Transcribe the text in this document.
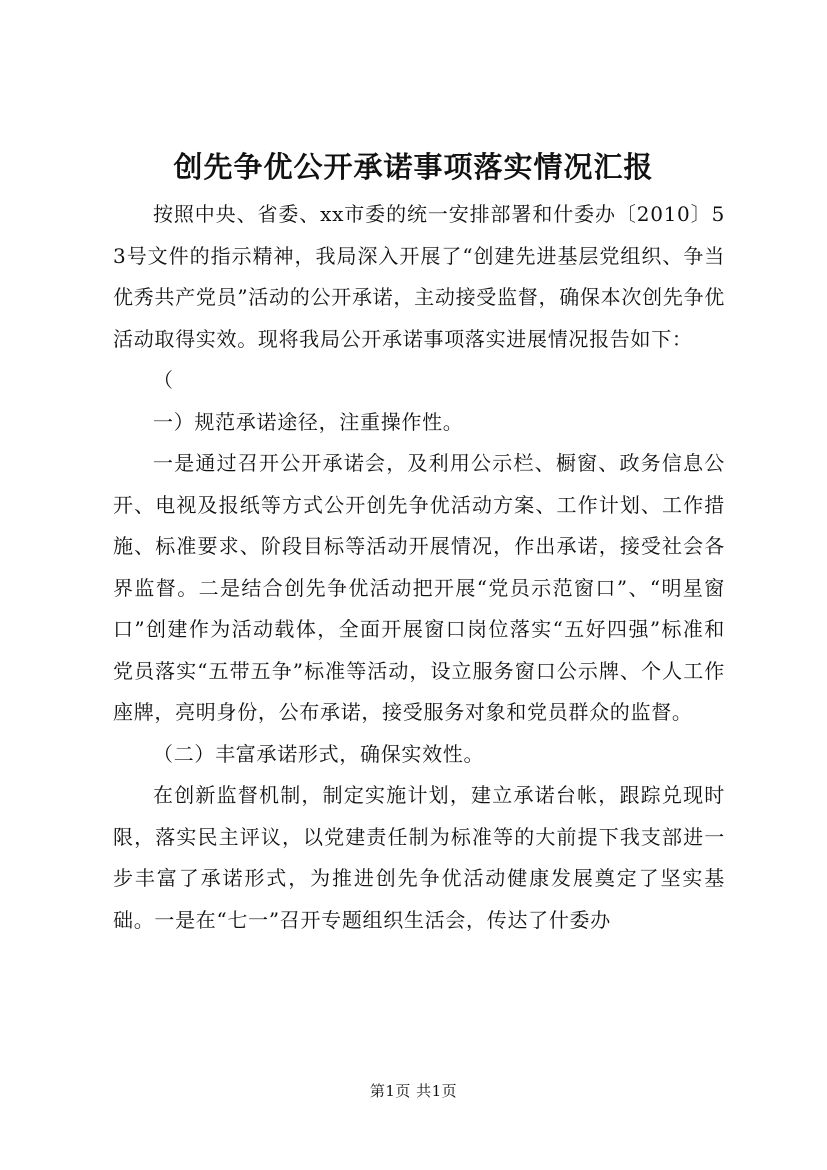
创先争优公开承诺事项落实情况汇报

按照中央、省委、xx市委的统一安排部署和什委办〔2010〕53号文件的指示精神，我局深入开展了“创建先进基层党组织、争当优秀共产党员”活动的公开承诺，主动接受监督，确保本次创先争优活动取得实效。现将我局公开承诺事项落实进展情况报告如下：

（

一）规范承诺途径，注重操作性。

一是通过召开公开承诺会，及利用公示栏、橱窗、政务信息公开、电视及报纸等方式公开创先争优活动方案、工作计划、工作措施、标准要求、阶段目标等活动开展情况，作出承诺，接受社会各界监督。二是结合创先争优活动把开展“党员示范窗口”、“明星窗口”创建作为活动载体，全面开展窗口岗位落实“五好四强”标准和党员落实“五带五争”标准等活动，设立服务窗口公示牌、个人工作座牌，亮明身份，公布承诺，接受服务对象和党员群众的监督。

（二）丰富承诺形式，确保实效性。

在创新监督机制，制定实施计划，建立承诺台帐，跟踪兑现时限，落实民主评议，以党建责任制为标准等的大前提下我支部进一步丰富了承诺形式，为推进创先争优活动健康发展奠定了坚实基础。一是在“七一”召开专题组织生活会，传达了什委办

第1页 共1页
